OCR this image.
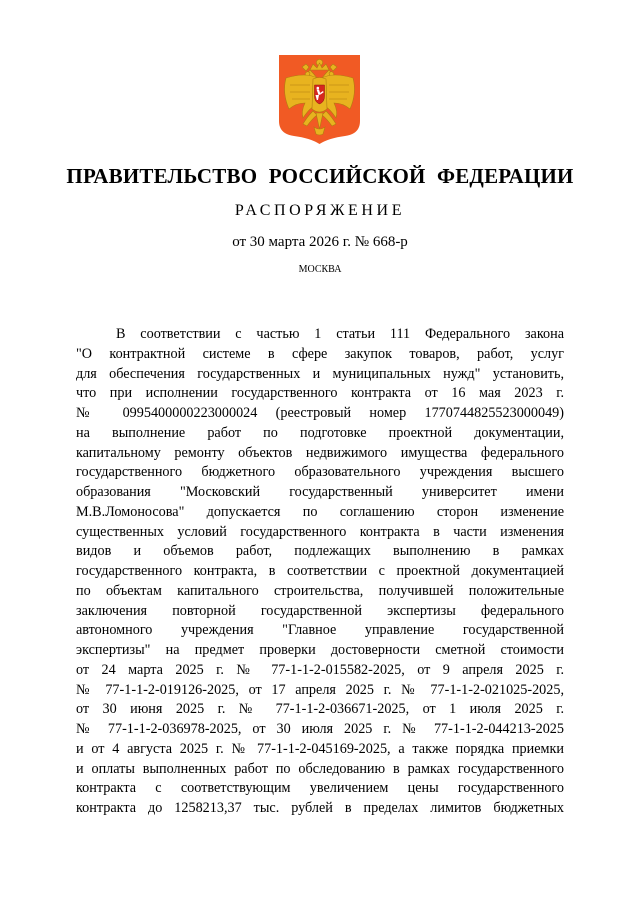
ПРАВИТЕЛЬСТВО РОССИЙСКОЙ ФЕДЕРАЦИИ
РАСПОРЯЖЕНИЕ
от 30 марта 2026 г. № 668-р
МОСКВА
В соответствии с частью 1 статьи 111 Федерального закона
"О контрактной системе в сфере закупок товаров, работ, услуг
для обеспечения государственных и муниципальных нужд" установить,
что при исполнении государственного контракта от 16 мая 2023 г.
№ 0995400000223000024 (реестровый номер 1770744825523000049)
на выполнение работ по подготовке проектной документации,
капитальному ремонту объектов недвижимого имущества федерального
государственного бюджетного образовательного учреждения высшего
образования "Московский государственный университет имени
М.В.Ломоносова" допускается по соглашению сторон изменение
существенных условий государственного контракта в части изменения
видов и объемов работ, подлежащих выполнению в рамках
государственного контракта, в соответствии с проектной документацией
по объектам капитального строительства, получившей положительные
заключения повторной государственной экспертизы федерального
автономного учреждения "Главное управление государственной
экспертизы" на предмет проверки достоверности сметной стоимости
от 24 марта 2025 г. № 77-1-1-2-015582-2025, от 9 апреля 2025 г.
№ 77-1-1-2-019126-2025, от 17 апреля 2025 г. № 77-1-1-2-021025-2025,
от 30 июня 2025 г. № 77-1-1-2-036671-2025, от 1 июля 2025 г.
№ 77-1-1-2-036978-2025, от 30 июля 2025 г. № 77-1-1-2-044213-2025
и от 4 августа 2025 г. № 77-1-1-2-045169-2025, а также порядка приемки
и оплаты выполненных работ по обследованию в рамках государственного
контракта с соответствующим увеличением цены государственного
контракта до 1258213,37 тыс. рублей в пределах лимитов бюджетных
